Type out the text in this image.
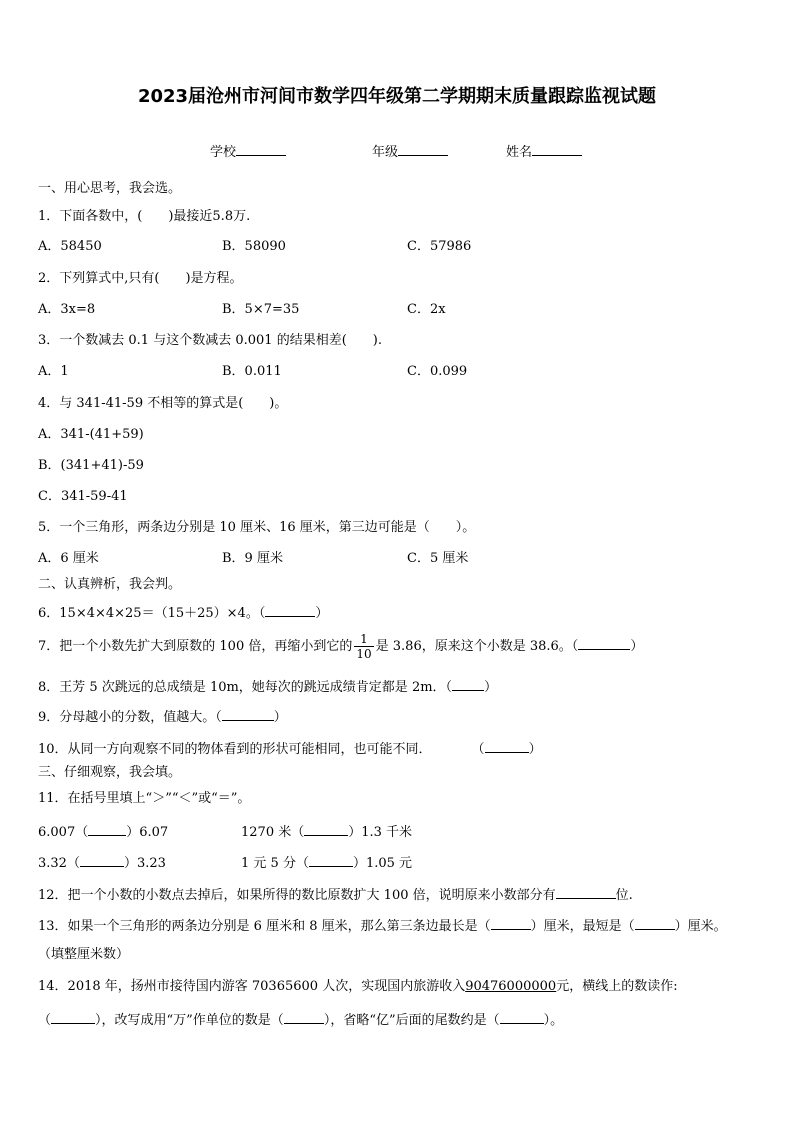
2023届沧州市河间市数学四年级第二学期期末质量跟踪监视试题
学校	年级	姓名
一、用心思考，我会选。
1．下面各数中，(　　)最接近5.8万.
A．58450	B．58090	C．57986
2．下列算式中,只有(　　)是方程。
A．3x=8	B．5×7=35	C．2x
3．一个数减去 0.1 与这个数减去 0.001 的结果相差(　　).
A．1	B．0.011	C．0.099
4．与 341-41-59 不相等的算式是(　　)。
A．341-(41+59)
B．(341+41)-59
C．341-59-41
5．一个三角形，两条边分别是 10 厘米、16 厘米，第三边可能是（　　）。
A．6 厘米	B．9 厘米	C．5 厘米
二、认真辨析，我会判。
6．15×4×4×25＝（15＋25）×4。（	）
7．把一个小数先扩大到原数的 100 倍，再缩小到它的 $\frac{1}{10}$ 是 3.86，原来这个小数是 38.6。（	）
8．王芳 5 次跳远的总成绩是 10m，她每次的跳远成绩肯定都是 2m．（ ）
9．分母越小的分数，值越大。（	）
10．从同一方向观察不同的物体看到的形状可能相同，也可能不同．	（	）
三、仔细观察，我会填。
11．在括号里填上“＞”“＜”或“＝”。
6.007（	）6.07	1270 米（	）1.3 千米
3.32（	）3.23	1 元 5 分（	）1.05 元
12．把一个小数的小数点去掉后，如果所得的数比原数扩大 100 倍，说明原来小数部分有	位.
13．如果一个三角形的两条边分别是 6 厘米和 8 厘米，那么第三条边最长是（	）厘米，最短是（	）厘米。
（填整厘米数）
14．2018 年，扬州市接待国内游客 70365600 人次，实现国内旅游收入90476000000元，横线上的数读作:
（	），改写成用“万”作单位的数是（	），省略“亿”后面的尾数约是（	）。
